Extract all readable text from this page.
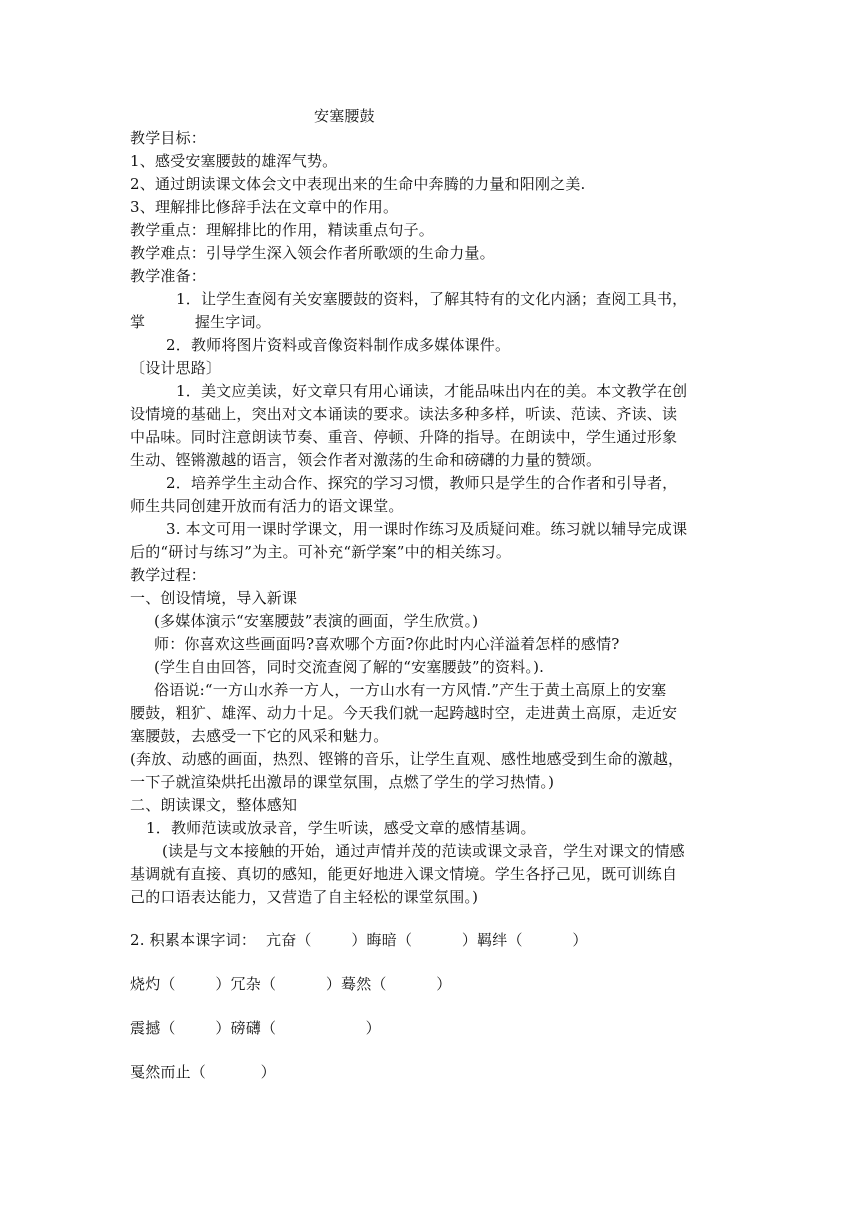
安塞腰鼓
教学目标：
1、感受安塞腰鼓的雄浑气势。
2、通过朗读课文体会文中表现出来的生命中奔腾的力量和阳刚之美.
3、理解排比修辞手法在文章中的作用。
教学重点：理解排比的作用，精读重点句子。
教学难点：引导学生深入领会作者所歌颂的生命力量。
教学准备：
1．让学生查阅有关安塞腰鼓的资料，了解其特有的文化内涵；查阅工具书，
掌          握生字词。
2．教师将图片资料或音像资料制作成多媒体课件。
〔设计思路〕
1．美文应美读，好文章只有用心诵读，才能品味出内在的美。本文教学在创
设情境的基础上，突出对文本诵读的要求。读法多种多样，听读、范读、齐读、读
中品味。同时注意朗读节奏、重音、停顿、升降的指导。在朗读中，学生通过形象
生动、铿锵激越的语言，领会作者对激荡的生命和磅礴的力量的赞颂。
2．培养学生主动合作、探究的学习习惯，教师只是学生的合作者和引导者，
师生共同创建开放而有活力的语文课堂。
3. 本文可用一课时学课文，用一课时作练习及质疑问难。练习就以辅导完成课
后的“研讨与练习”为主。可补充“新学案”中的相关练习。
教学过程：
一、创设情境，导入新课
(多媒体演示“安塞腰鼓”表演的画面，学生欣赏。)
师：你喜欢这些画面吗?喜欢哪个方面?你此时内心洋溢着怎样的感情?
(学生自由回答，同时交流查阅了解的“安塞腰鼓”的资料。).
俗语说:“一方山水养一方人，一方山水有一方风情.”产生于黄土高原上的安塞
腰鼓，粗犷、雄浑、动力十足。今天我们就一起跨越时空，走进黄土高原，走近安
塞腰鼓，去感受一下它的风采和魅力。
(奔放、动感的画面，热烈、铿锵的音乐，让学生直观、感性地感受到生命的激越，
一下子就渲染烘托出激昂的课堂氛围，点燃了学生的学习热情。)
二、朗读课文，整体感知
1．教师范读或放录音，学生听读，感受文章的感情基调。
(读是与文本接触的开始，通过声情并茂的范读或课文录音，学生对课文的情感
基调就有直接、真切的感知，能更好地进入课文情境。学生各抒己见，既可训练自
己的口语表达能力，又营造了自主轻松的课堂氛围。)
2. 积累本课字词：  亢奋（        ）晦暗（          ）羁绊（          ）
烧灼（        ）冗杂（          ）蓦然（          ）
震撼（        ）磅礴（                  ）
戛然而止（           ）
